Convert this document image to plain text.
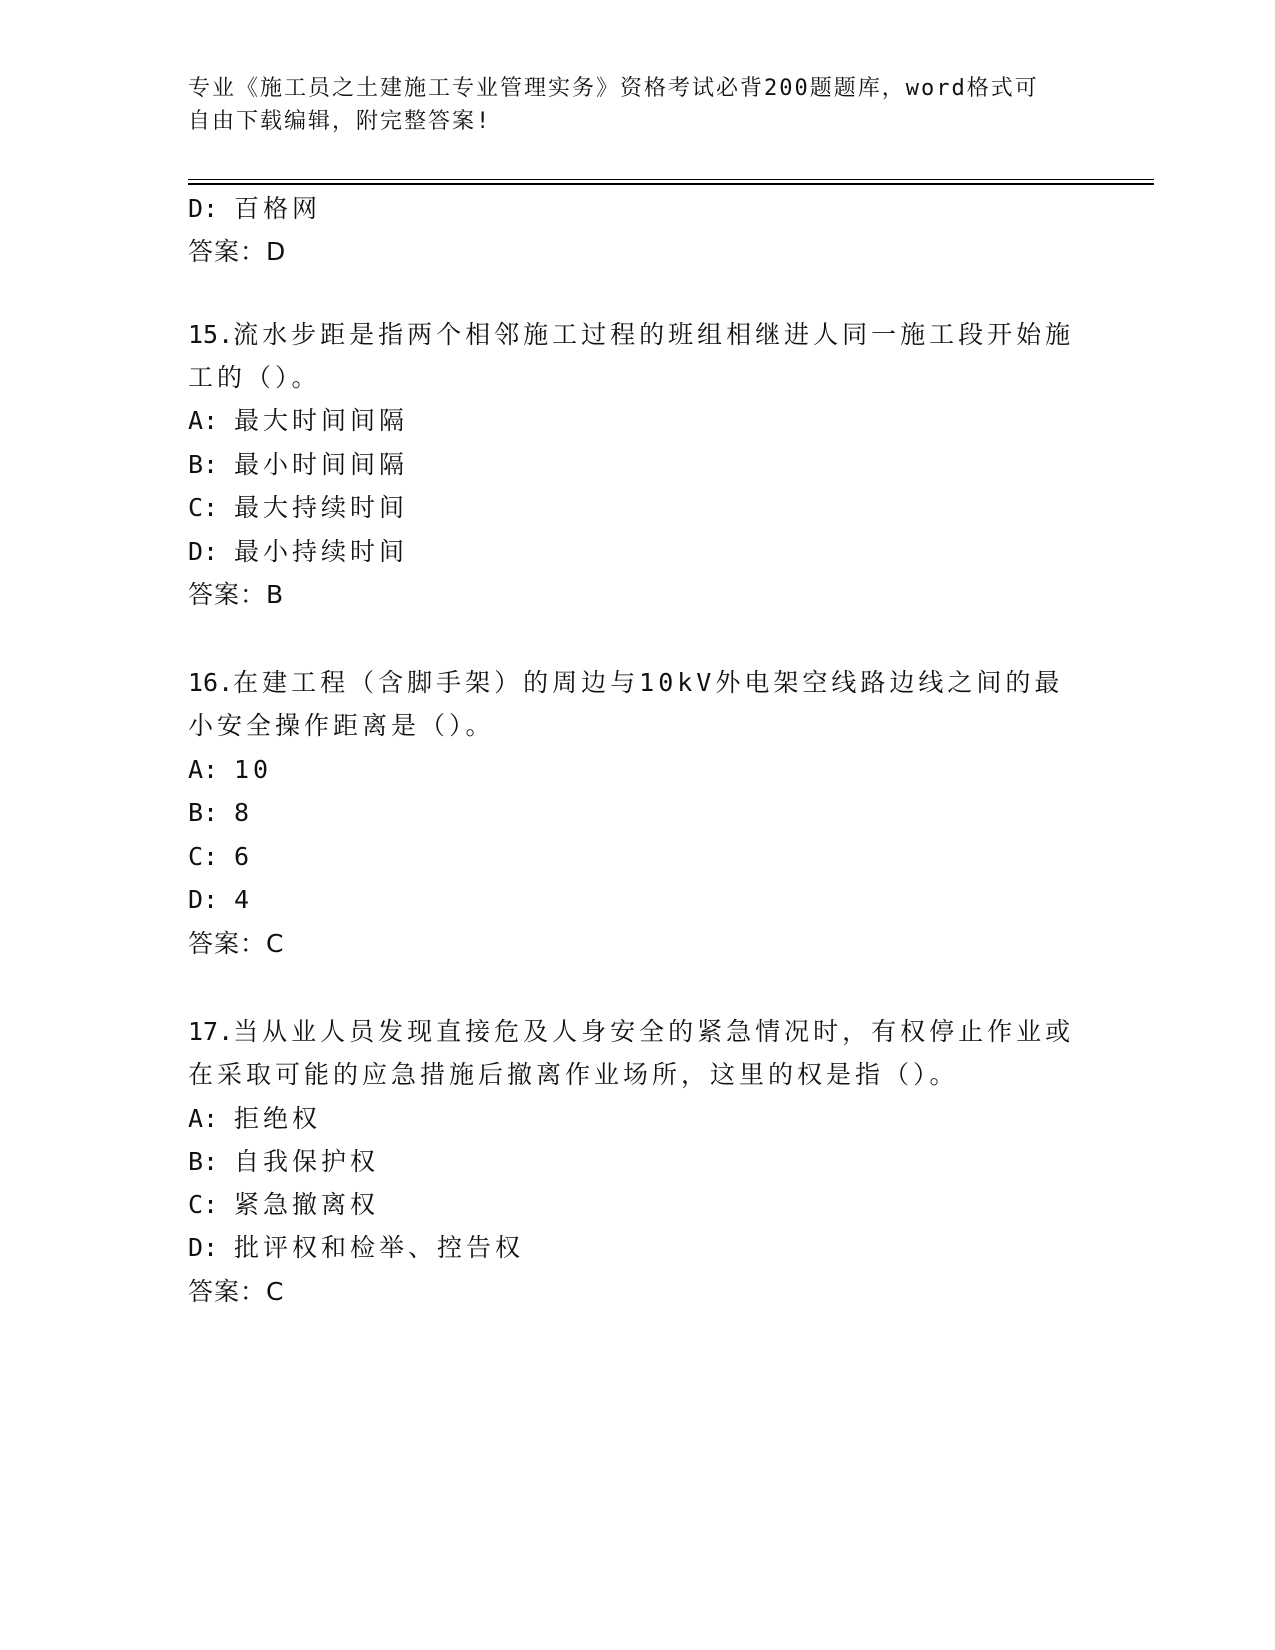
专业《施工员之土建施工专业管理实务》资格考试必背200题题库，word格式可
自由下载编辑，附完整答案!
D: 百格网
答案：D
15.流水步距是指两个相邻施工过程的班组相继进人同一施工段开始施
工的（）。
A: 最大时间间隔
B: 最小时间间隔
C: 最大持续时间
D: 最小持续时间
答案：B
16.在建工程（含脚手架）的周边与10kV外电架空线路边线之间的最
小安全操作距离是（）。
A: 10
B: 8
C: 6
D: 4
答案：C
17.当从业人员发现直接危及人身安全的紧急情况时，有权停止作业或
在采取可能的应急措施后撤离作业场所，这里的权是指（）。
A: 拒绝权
B: 自我保护权
C: 紧急撤离权
D: 批评权和检举、控告权
答案：C
